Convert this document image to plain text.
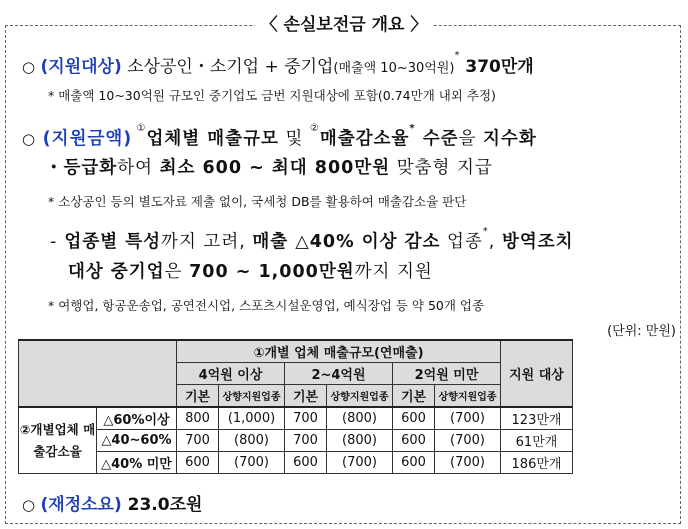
〈 손실보전금 개요 〉
○ (지원대상) 소상공인・소기업 + 중기업(매출액 10~30억원)* 370만개
* 매출액 10~30억원 규모인 중기업도 금번 지원대상에 포함(0.74만개 내외 추정)
○ (지원금액) ①업체별 매출규모 및 ②매출감소율* 수준을 지수화
・등급화하여 최소 600 ~ 최대 800만원 맞춤형 지급
* 소상공인 등의 별도자료 제출 없이, 국세청 DB를 활용하여 매출감소율 판단
- 업종별 특성까지 고려, 매출 △40% 이상 감소 업종*, 방역조치
대상 중기업은 700 ~ 1,000만원까지 지원
* 여행업, 항공운송업, 공연전시업, 스포츠시설운영업, 예식장업 등 약 50개 업종
(단위: 만원)
		①개별 업체 매출규모(연매출)						지원 대상
		4억원 이상		2~4억원		2억원 미만		
		기본	상향지원업종	기본	상향지원업종	기본	상향지원업종	
②개별업체 매출감소율	△60%이상	800	(1,000)	700	(800)	600	(700)	123만개
	△40~60%	700	(800)	700	(800)	600	(700)	61만개
	△40% 미만	600	(700)	600	(700)	600	(700)	186만개
○ (재정소요) 23.0조원
